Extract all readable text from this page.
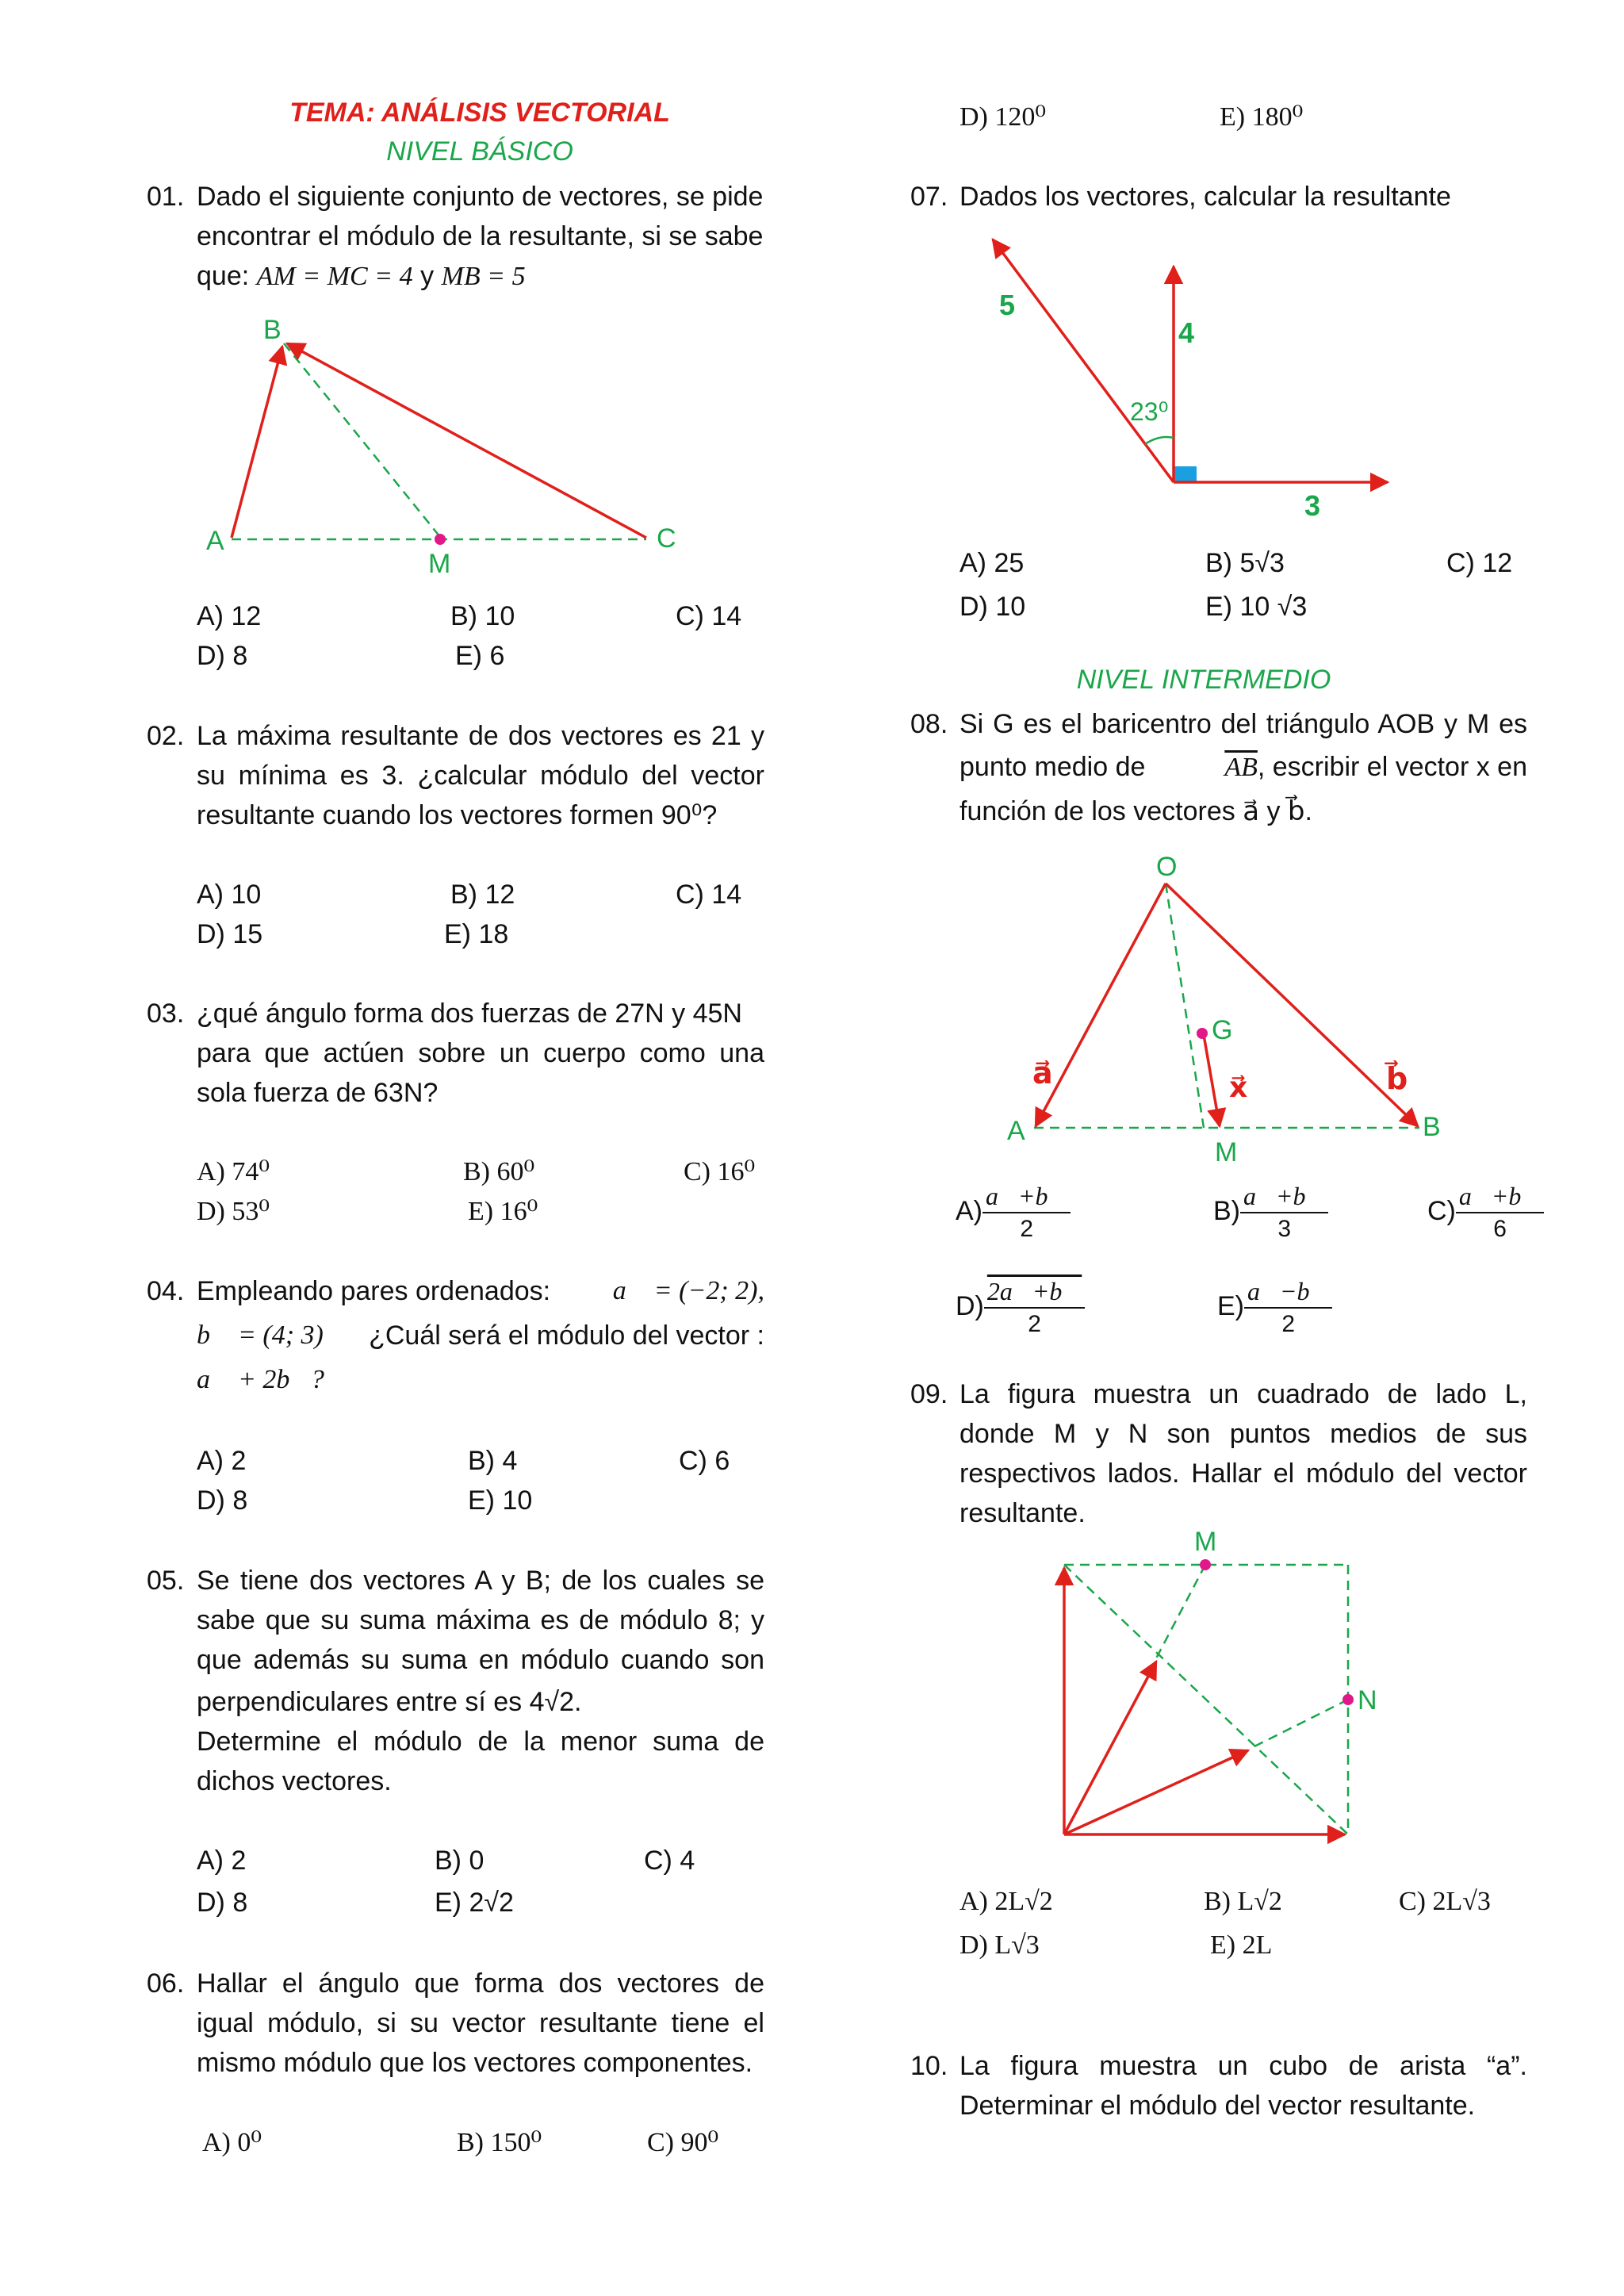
TEMA: ANÁLISIS VECTORIAL
NIVEL BÁSICO
01. Dado el siguiente conjunto de vectores, se pide
encontrar el módulo de la resultante, si se sabe
que: AM = MC = 4 y MB = 5
B
A	C
M
A) 12	B) 10	C) 14
D) 8	E) 6
02. La máxima resultante de dos vectores es 21 y
su mínima es 3. ¿calcular módulo del vector
resultante cuando los vectores formen 90⁰?
A) 10	B) 12	C) 14
D) 15	E) 18
03. ¿qué ángulo forma dos fuerzas de 27N y 45N
para que actúen sobre un cuerpo como una
sola fuerza de 63N?
A) 74⁰	B) 60⁰	C) 16⁰
D) 53⁰	E) 16⁰
04. Empleando pares ordenados: a⃗ = (−2; 2),
b⃗ = (4; 3) ¿Cuál será el módulo del vector :
a⃗ + 2b⃗?
A) 2	B) 4	C) 6
D) 8	E) 10
05. Se tiene dos vectores A y B; de los cuales se
sabe que su suma máxima es de módulo 8; y
que además su suma en módulo cuando son
perpendiculares entre sí es 4√2.
Determine el módulo de la menor suma de
dichos vectores.
A) 2	B) 0	C) 4
D) 8	E) 2√2
06. Hallar el ángulo que forma dos vectores de
igual módulo, si su vector resultante tiene el
mismo módulo que los vectores componentes.
A) 0⁰	B) 150⁰	C) 90⁰
D) 120⁰	E) 180⁰
07. Dados los vectores, calcular la resultante
5
4
3
23⁰
A) 25	B) 5√3	C) 12
D) 10	E) 10 √3
NIVEL INTERMEDIO
08. Si G es el baricentro del triángulo AOB y M es
punto medio de	$\overline{AB}$, escribir el vector x en
función de los vectores a⃗ y b⃗.
O
G
A	B
M
a⃗	b⃗
x⃗
$A) \frac{a⃗+b⃗}{2}$	$B) \frac{a⃗+b⃗}{3}$	$C) \frac{a⃗+b⃗}{6}$
$D) \frac{2a⃗+b⃗}{2}$	$E) \frac{a⃗-b⃗}{2}$
09. La figura muestra un cuadrado de lado L,
donde M y N son puntos medios de sus
respectivos lados. Hallar el módulo del vector
resultante.
M
N
A) 2L√2	B) L√2	C) 2L√3
D) L√3	E) 2L
10. La figura muestra un cubo de arista “a”.
Determinar el módulo del vector resultante.
